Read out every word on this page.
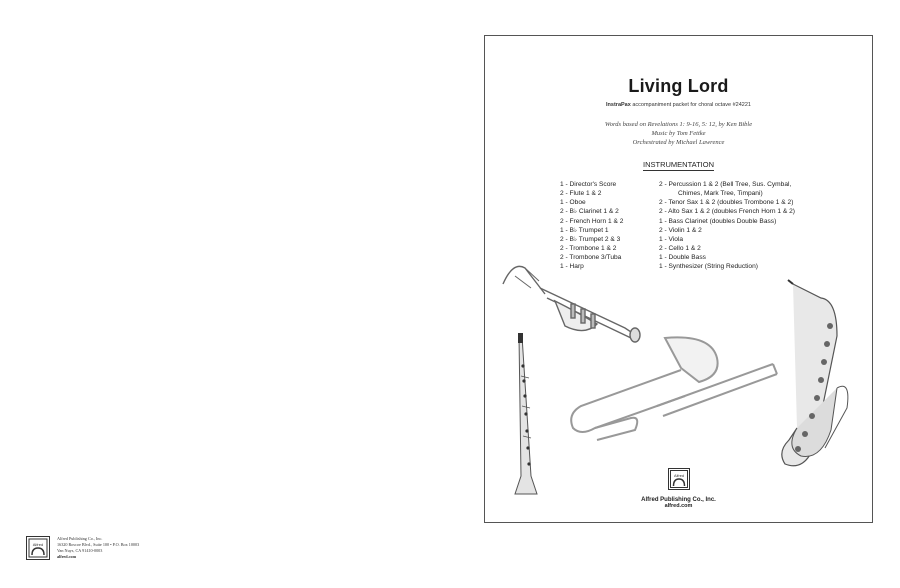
Alfred
Alfred Publishing Co., Inc.
16320 Roscoe Blvd., Suite 100 • P.O. Box 10003
Van Nuys, CA 91410-0003
alfred.com
Living Lord
InstraPax accompaniment packet for choral octave #24221
Words based on Revelations 1: 9-16, 5: 12, by Ken Bible
Music by Tom Fettke
Orchestrated by Michael Lawrence
INSTRUMENTATION
1 - Director's Score
2 - Flute 1 & 2
1 - Oboe
2 - B♭ Clarinet 1 & 2
2 - French Horn 1 & 2
1 - B♭ Trumpet 1
2 - B♭ Trumpet 2 & 3
2 - Trombone 1 & 2
2 - Trombone 3/Tuba
1 - Harp
2 - Percussion 1 & 2 (Bell Tree, Sus. Cymbal,
Chimes, Mark Tree, Timpani)
2 - Tenor Sax 1 & 2 (doubles Trombone 1 & 2)
2 - Alto Sax 1 & 2 (doubles French Horn 1 & 2)
1 - Bass Clarinet (doubles Double Bass)
2 - Violin 1 & 2
1 - Viola
2 - Cello 1 & 2
1 - Double Bass
1 - Synthesizer (String Reduction)
Alfred
Alfred Publishing Co., Inc.
alfred.com
